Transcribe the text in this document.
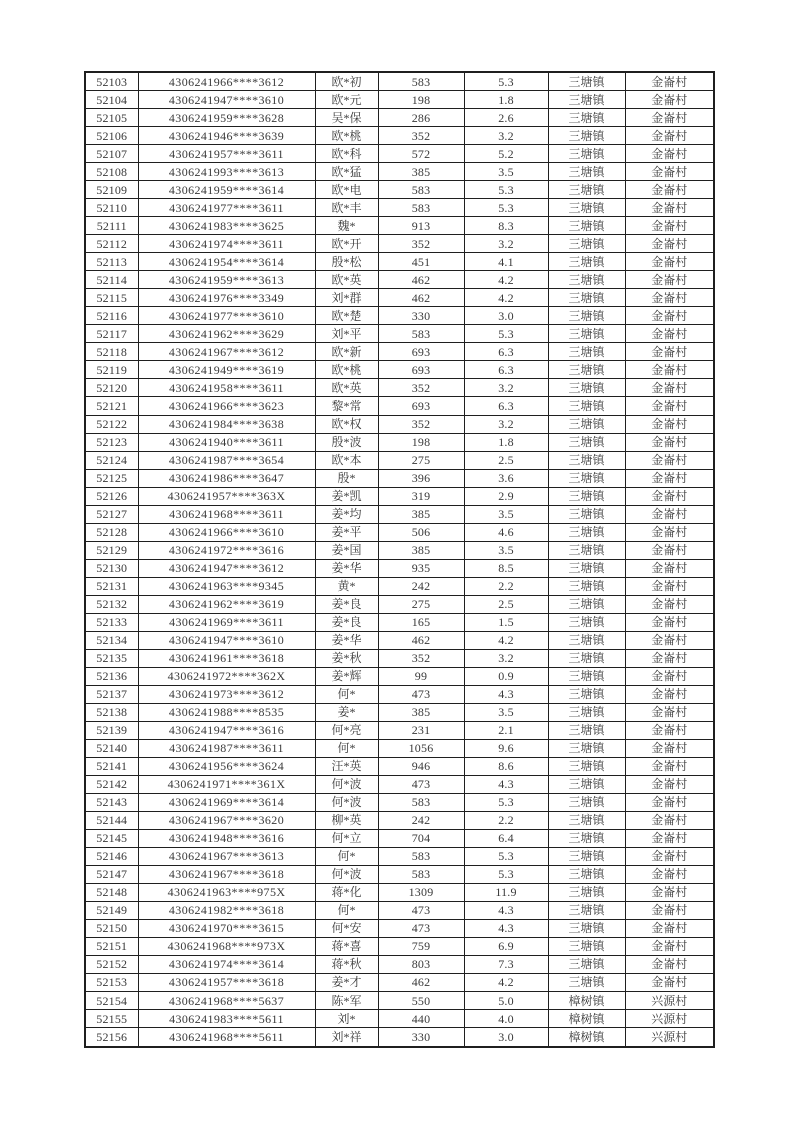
52103	4306241966****3612	欧*初	583	5.3	三塘镇	金崙村
52104	4306241947****3610	欧*元	198	1.8	三塘镇	金崙村
52105	4306241959****3628	吴*保	286	2.6	三塘镇	金崙村
52106	4306241946****3639	欧*桃	352	3.2	三塘镇	金崙村
52107	4306241957****3611	欧*科	572	5.2	三塘镇	金崙村
52108	4306241993****3613	欧*猛	385	3.5	三塘镇	金崙村
52109	4306241959****3614	欧*电	583	5.3	三塘镇	金崙村
52110	4306241977****3611	欧*丰	583	5.3	三塘镇	金崙村
52111	4306241983****3625	魏*	913	8.3	三塘镇	金崙村
52112	4306241974****3611	欧*开	352	3.2	三塘镇	金崙村
52113	4306241954****3614	殷*松	451	4.1	三塘镇	金崙村
52114	4306241959****3613	欧*英	462	4.2	三塘镇	金崙村
52115	4306241976****3349	刘*群	462	4.2	三塘镇	金崙村
52116	4306241977****3610	欧*楚	330	3.0	三塘镇	金崙村
52117	4306241962****3629	刘*平	583	5.3	三塘镇	金崙村
52118	4306241967****3612	欧*新	693	6.3	三塘镇	金崙村
52119	4306241949****3619	欧*桃	693	6.3	三塘镇	金崙村
52120	4306241958****3611	欧*英	352	3.2	三塘镇	金崙村
52121	4306241966****3623	黎*常	693	6.3	三塘镇	金崙村
52122	4306241984****3638	欧*权	352	3.2	三塘镇	金崙村
52123	4306241940****3611	殷*波	198	1.8	三塘镇	金崙村
52124	4306241987****3654	欧*本	275	2.5	三塘镇	金崙村
52125	4306241986****3647	殷*	396	3.6	三塘镇	金崙村
52126	4306241957****363X	姜*凯	319	2.9	三塘镇	金崙村
52127	4306241968****3611	姜*均	385	3.5	三塘镇	金崙村
52128	4306241966****3610	姜*平	506	4.6	三塘镇	金崙村
52129	4306241972****3616	姜*国	385	3.5	三塘镇	金崙村
52130	4306241947****3612	姜*华	935	8.5	三塘镇	金崙村
52131	4306241963****9345	黄*	242	2.2	三塘镇	金崙村
52132	4306241962****3619	姜*良	275	2.5	三塘镇	金崙村
52133	4306241969****3611	姜*良	165	1.5	三塘镇	金崙村
52134	4306241947****3610	姜*华	462	4.2	三塘镇	金崙村
52135	4306241961****3618	姜*秋	352	3.2	三塘镇	金崙村
52136	4306241972****362X	姜*辉	99	0.9	三塘镇	金崙村
52137	4306241973****3612	何*	473	4.3	三塘镇	金崙村
52138	4306241988****8535	姜*	385	3.5	三塘镇	金崙村
52139	4306241947****3616	何*亮	231	2.1	三塘镇	金崙村
52140	4306241987****3611	何*	1056	9.6	三塘镇	金崙村
52141	4306241956****3624	汪*英	946	8.6	三塘镇	金崙村
52142	4306241971****361X	何*波	473	4.3	三塘镇	金崙村
52143	4306241969****3614	何*波	583	5.3	三塘镇	金崙村
52144	4306241967****3620	柳*英	242	2.2	三塘镇	金崙村
52145	4306241948****3616	何*立	704	6.4	三塘镇	金崙村
52146	4306241967****3613	何*	583	5.3	三塘镇	金崙村
52147	4306241967****3618	何*波	583	5.3	三塘镇	金崙村
52148	4306241963****975X	蒋*化	1309	11.9	三塘镇	金崙村
52149	4306241982****3618	何*	473	4.3	三塘镇	金崙村
52150	4306241970****3615	何*安	473	4.3	三塘镇	金崙村
52151	4306241968****973X	蒋*喜	759	6.9	三塘镇	金崙村
52152	4306241974****3614	蒋*秋	803	7.3	三塘镇	金崙村
52153	4306241957****3618	姜*才	462	4.2	三塘镇	金崙村
52154	4306241968****5637	陈*军	550	5.0	樟树镇	兴源村
52155	4306241983****5611	刘*	440	4.0	樟树镇	兴源村
52156	4306241968****5611	刘*祥	330	3.0	樟树镇	兴源村
